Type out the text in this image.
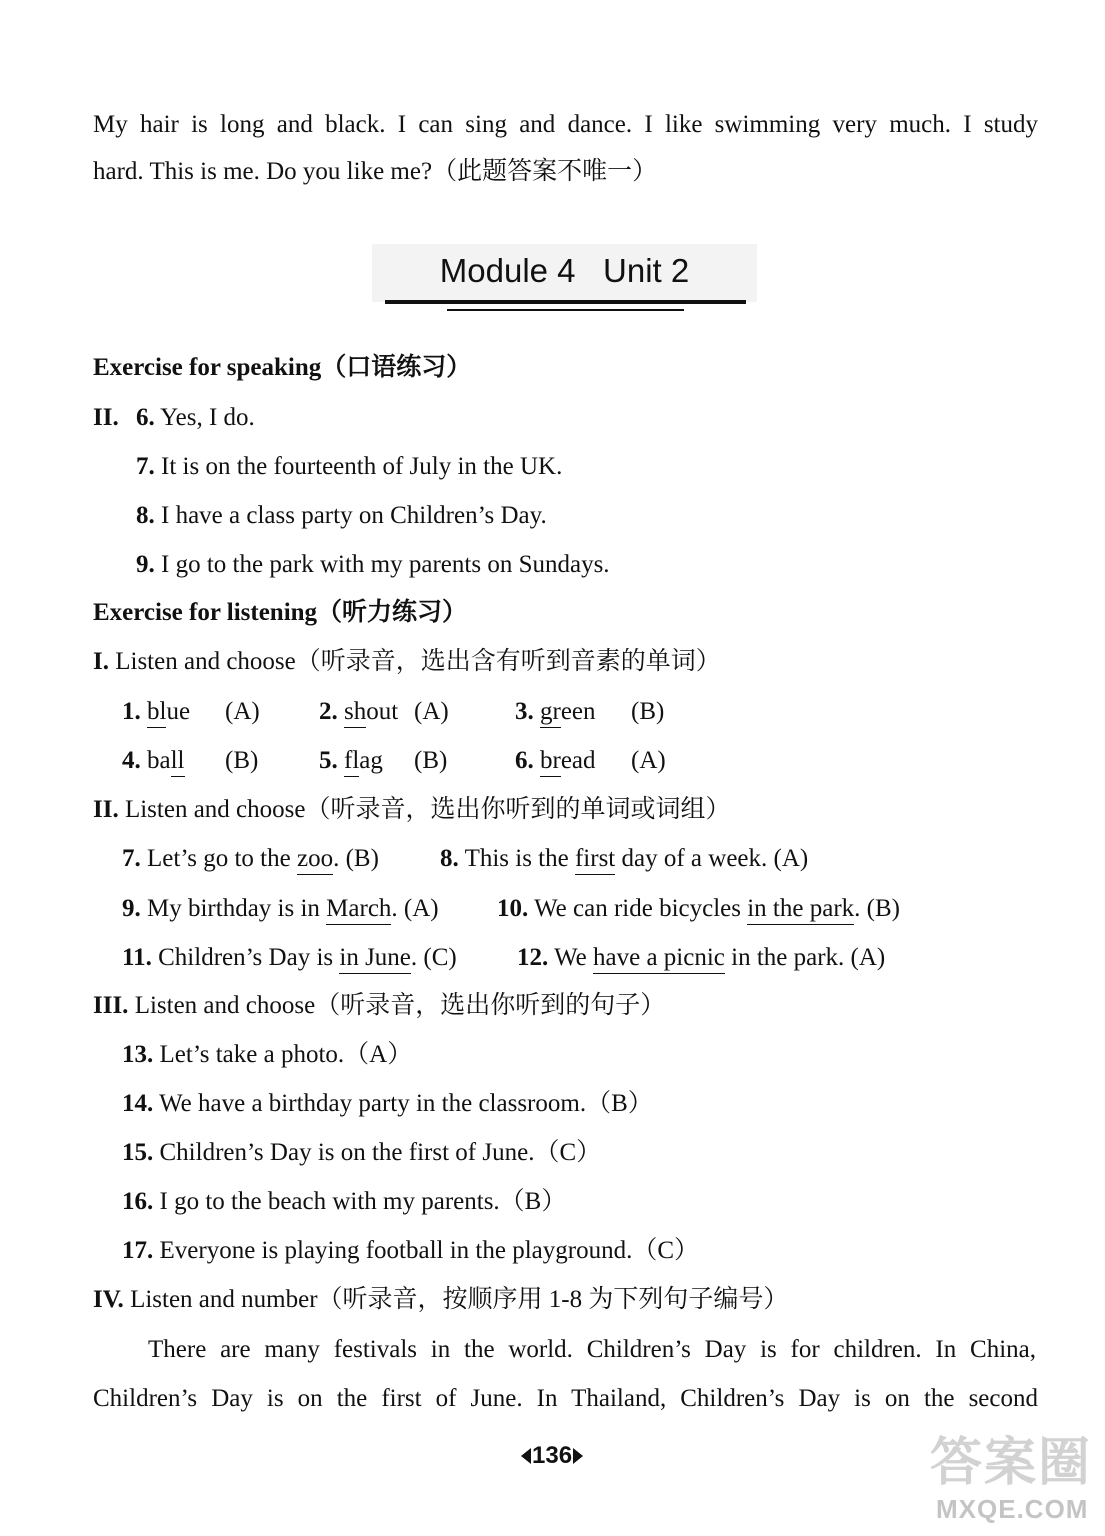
My hair is long and black. I can sing and dance. I like swimming very much. I study
hard. This is me. Do you like me?（此题答案不唯一）
Module 4   Unit 2
Exercise for speaking（口语练习）
II. 6. Yes, I do.
7. It is on the fourteenth of July in the UK.
8. I have a class party on Children’s Day.
9. I go to the park with my parents on Sundays.
Exercise for listening（听力练习）
I. Listen and choose（听录音，选出含有听到音素的单词）
1. blue (A) 2. shout (A)	3. green (B)
4. ball (B) 5. flag (B)	6. bread (A)
II. Listen and choose（听录音，选出你听到的单词或词组）
7. Let’s go to the zoo. (B) 8. This is the first day of a week. (A)
9. My birthday is in March. (A) 10. We can ride bicycles in the park. (B)
11. Children’s Day is in June. (C) 12. We have a picnic in the park. (A)
III. Listen and choose（听录音，选出你听到的句子）
13. Let’s take a photo.（A）
14. We have a birthday party in the classroom.（B）
15. Children’s Day is on the first of June.（C）
16. I go to the beach with my parents.（B）
17. Everyone is playing football in the playground.（C）
IV. Listen and number（听录音，按顺序用 1-8 为下列句子编号）
There are many festivals in the world. Children’s Day is for children. In China,
Children’s Day is on the first of June. In Thailand, Children’s Day is on the second
136	答案圈
MXQE.COM
